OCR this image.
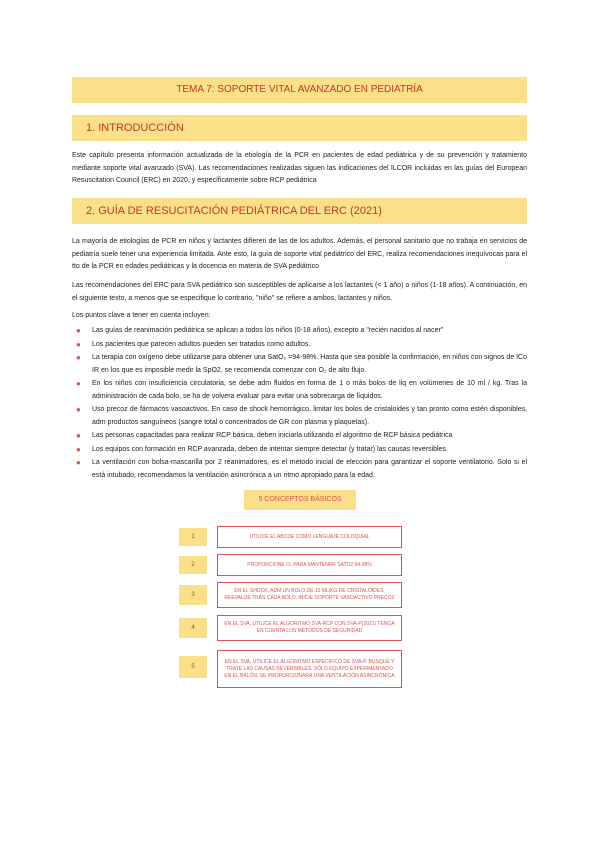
TEMA 7: SOPORTE VITAL AVANZADO EN PEDIATRÍA
1. INTRODUCCIÓN

Este capítulo presenta información actualizada de la etiología de la PCR en pacientes de edad pediátrica y de su prevención y tratamiento mediante soporte vital avanzado (SVA). Las recomendaciones realizadas siguen las indicaciones del ILCOR incluidas en las guías del European Resuscitation Council (ERC) en 2020, y específicamente sobre RCP pediátrica

2. GUÍA DE RESUCITACIÓN PEDIÁTRICA DEL ERC (2021)

La mayoría de etiologías de PCR en niños y lactantes difieren de las de los adultos. Además, el personal sanitario que no trabaja en servicios de pediatría suele tener una experiencia limitada. Ante esto, la guía de soporte vital pediátrico del ERC, realiza recomendaciones inequívocas para el tto de la PCR en edades pediátricas y la docencia en materia de SVA pediátrico

Las recomendaciones del ERC para SVA pediátrico son susceptibles de aplicarse a los lactantes (< 1 año) o niños (1-18 años). A continuación, en el siguiente texto, a menos que se especifique lo contrario, "niño" se refiere a ambos, lactantes y niños.

Los puntos clave a tener en cuenta incluyen:

● Las guías de reanimación pediátrica se aplican a todos los niños (0-18 años), excepto a "recién nacidos al nacer"
● Los pacientes que parecen adultos pueden ser tratados como adultos.
● La terapia con oxígeno debe utilizarse para obtener una SatO₂ =94-98%. Hasta que sea posible la confirmación, en niños con signos de ICo IR en los que es imposible medir la SpO2, se recomienda comenzar con O₂ de alto flujo.
● En los niños con insuficiencia circulatoria, se debe adm fluidos en forma de 1 o más bolos de liq en volúmenes de 10 ml / kg. Tras la administración de cada bolo, se ha de volvera evaluar para evitar una sobrecarga de líquidos.
● Uso precoz de fármacos vasoactivos. En caso de shock hemorrágico, limitar los bolos de cristaloides y tan pronto como estén disponibles, adm productos sanguíneos (sangre total o concentrados de GR con plasma y plaquetas).
● Las personas capacitadas para realizar RCP básica, deben iniciarla utilizando el algoritmo de RCP básica pediátrica
● Los equipos con formación en RCP avanzada, deben de intentar siempre detectar (y tratar) las causas reversibles.
● La ventilación con bolsa-mascarilla por 2 reanimadores, es el método inicial de elección para garantizar el soporte ventilatorio. Solo si el está intubado, recomendamos la ventilación asincrónica a un ritmo apropiado para la edad.
5 CONCEPTOS BÁSICOS
1	UTILICE EL ABCDE COMO LENGUAJE COLOQUIAL
2	PROPORCIONE O₂ PARA MANTENER SATO2 94-98%
3
EN EL SHOCK, ADM UN BOLO DE 10 ML/KG DE CRISTALOIDES. REEVALÚE TRAS CADA BOLO. INICIE SOPORTE VASOACTIVO PRECOZ
4
EN EL SVA, UTILICE EL ALGORITMO SVA-RCP CON SVA-P(2021) TENGA EN CUENTA LOS MÉTODOS DE SEGURIDAD
5
EN EL SVA, UTILICE EL ALGORITMO ESPECÍFICO DE SVA-P. BUSQUE Y TRATE LAS CAUSAS REVERSIBLES. SÓLO EQUIPO EXPERIMENTADO EN EL BALÓN, SE PROPORCIONARÁ UNA VENTILACIÓN ASINCRÓNICA
